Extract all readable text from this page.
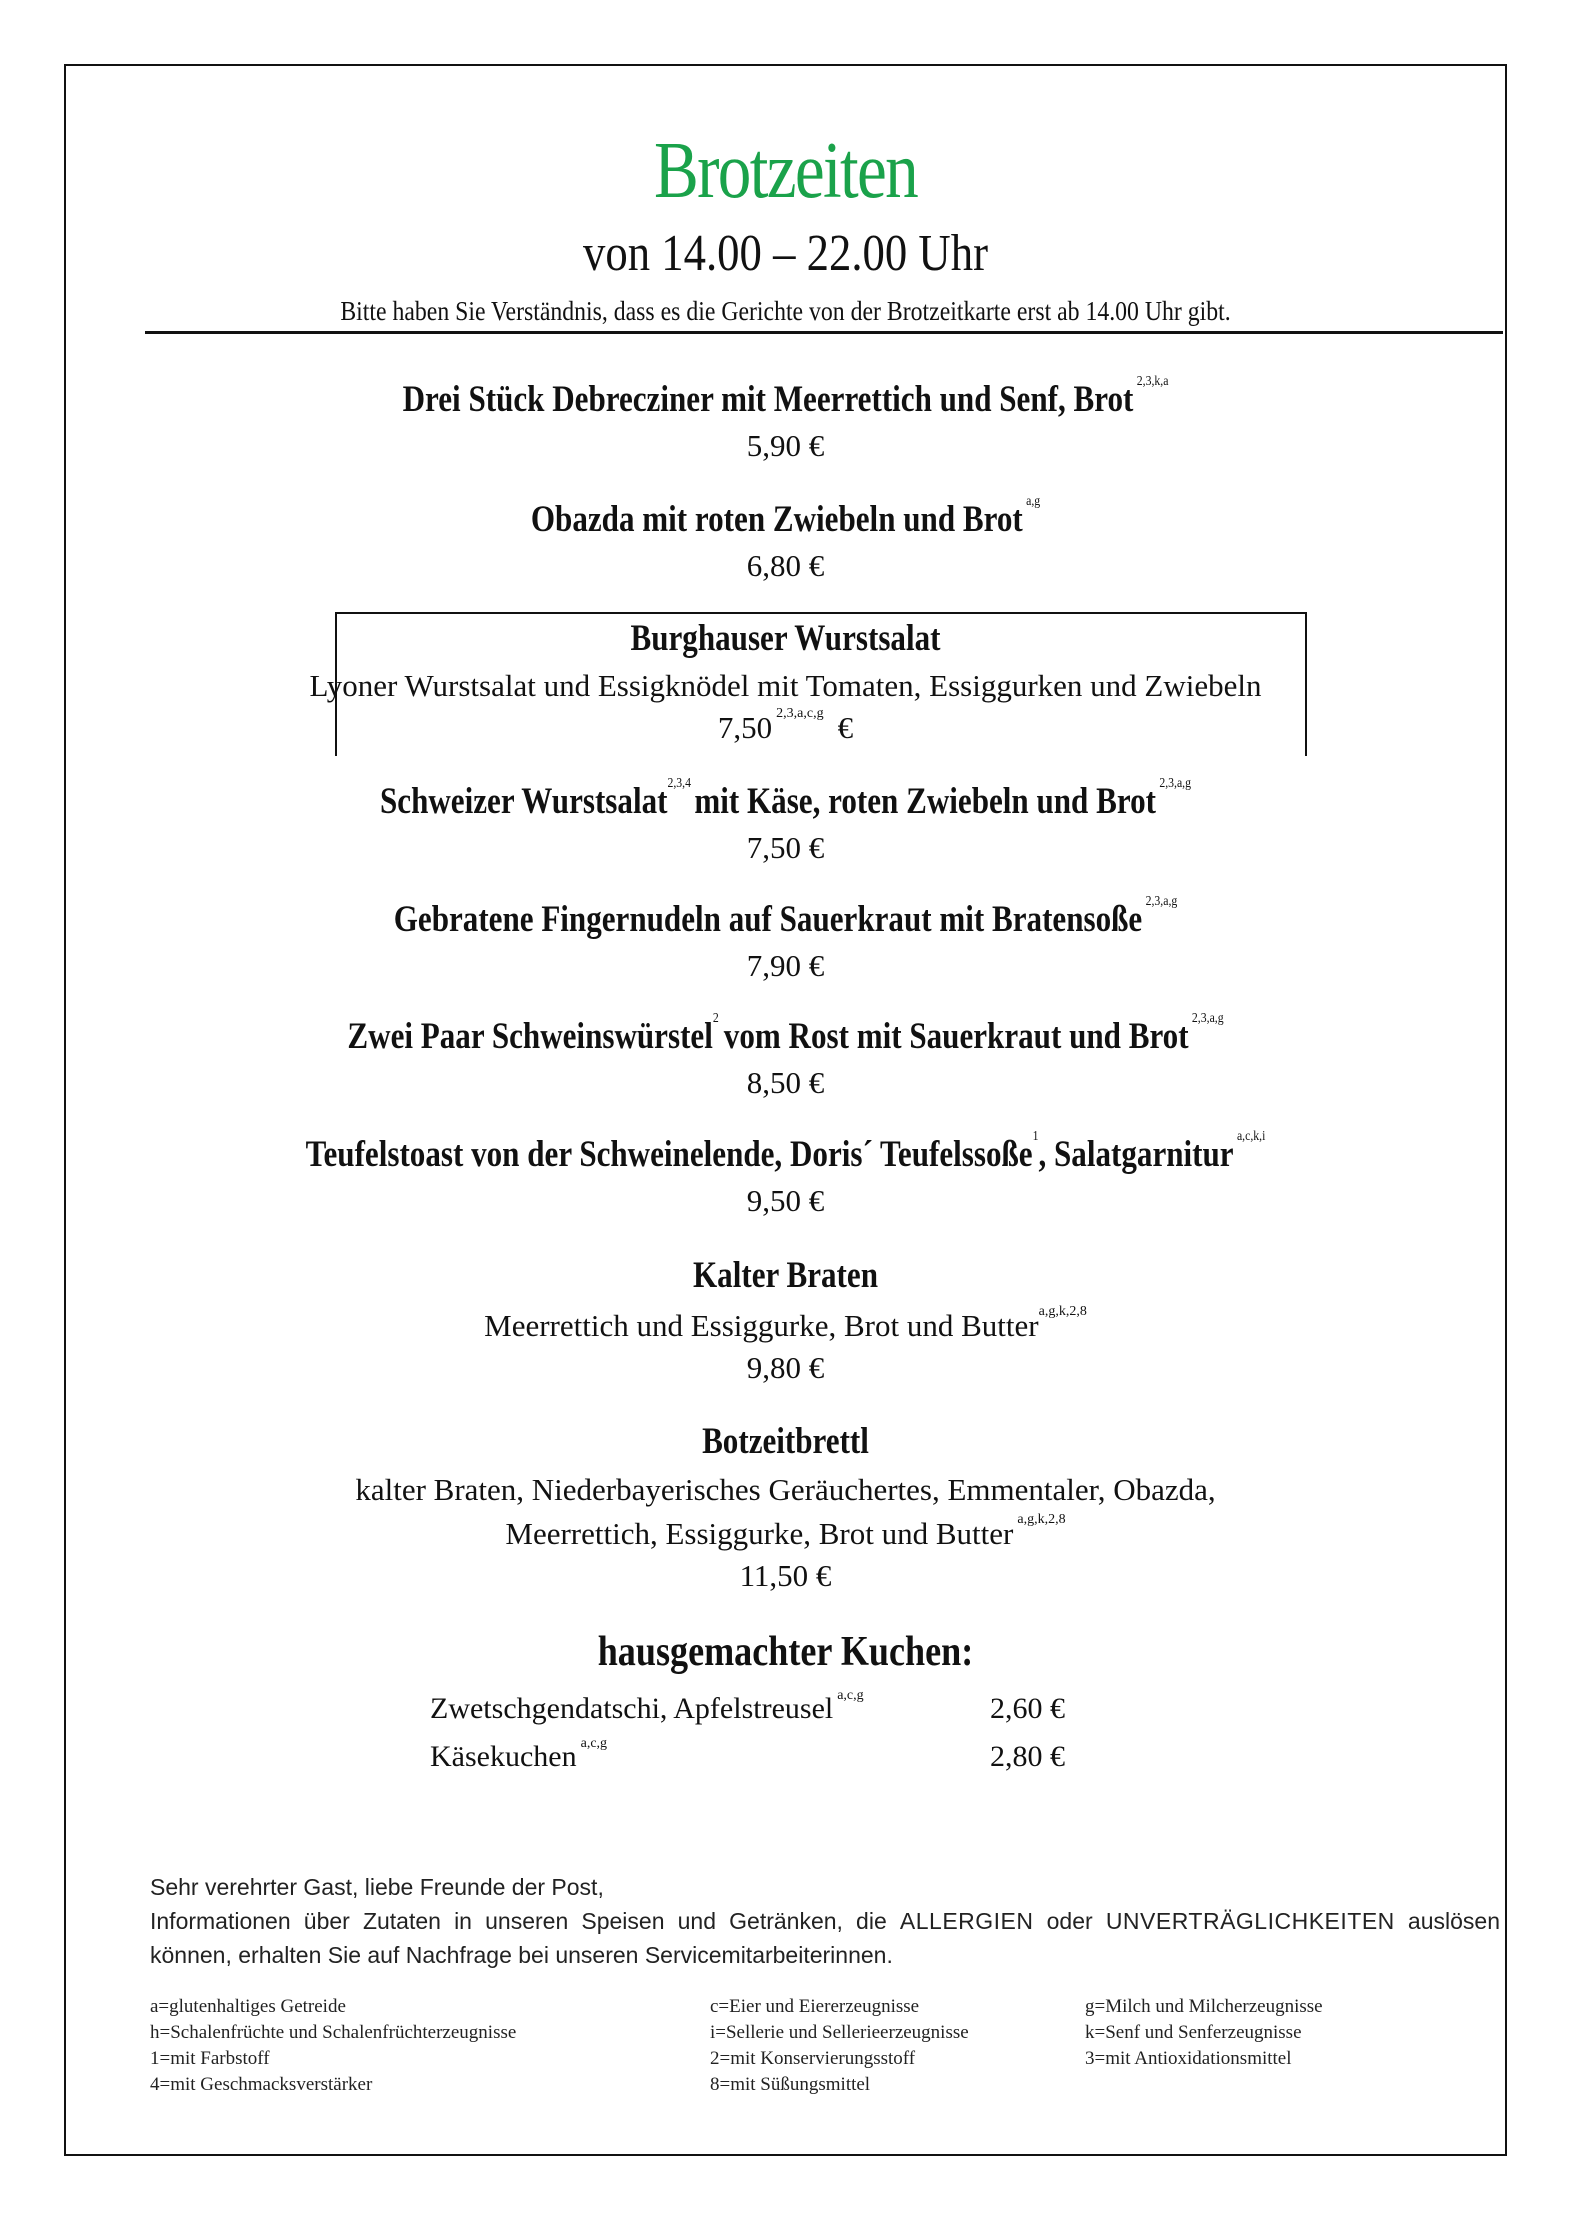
Brotzeiten
von 14.00 – 22.00 Uhr
Bitte haben Sie Verständnis, dass es die Gerichte von der Brotzeitkarte erst ab 14.00 Uhr gibt.
Drei Stück Debrecziner mit Meerrettich und Senf, Brot $^{2,3,k,a}$
5,90 €
Obazda mit roten Zwiebeln und Brot $^{a,g}$
6,80 €
Burghauser Wurstsalat
Lyoner Wurstsalat und Essigknödel mit Tomaten, Essiggurken und Zwiebeln
7,50 $^{2,3,a,c,g}$ €
Schweizer Wurstsalat$^{2,3,4}$mit Käse, roten Zwiebeln und Brot $^{2,3,a,g}$
7,50 €
Gebratene Fingernudeln auf Sauerkraut mit Bratensoße $^{2,3,a,g}$
7,90 €
Zwei Paar Schweinswürstel$^2$ vom Rost mit Sauerkraut und Brot $^{2,3,a,g}$
8,50 €
Teufelstoast von der Schweinelende, Doris´ Teufelssoße$^1$, Salatgarnitur $^{a,c,k,i}$
9,50 €
Kalter Braten
Meerrettich und Essiggurke, Brot und Butter$^{a,g,k,2,8}$
9,80 €
Botzeitbrettl
kalter Braten, Niederbayerisches Geräuchertes, Emmentaler, Obazda,
Meerrettich, Essiggurke, Brot und Butter $^{a,g,k,2,8}$
11,50 €
hausgemachter Kuchen:
Zwetschgendatschi, Apfelstreusel $^{a,c,g}$	2,60 €
Käsekuchen $^{a,c,g}$	2,80 €
Sehr verehrter Gast, liebe Freunde der Post,
Informationen über Zutaten in unseren Speisen und Getränken, die ALLERGIEN oder UNVERTRÄGLICHKEITEN auslösen
können, erhalten Sie auf Nachfrage bei unseren Servicemitarbeiterinnen.
a=glutenhaltiges Getreide	c=Eier und Eiererzeugnisse	g=Milch und Milcherzeugnisse
h=Schalenfrüchte und Schalenfrüchterzeugnisse	i=Sellerie und Sellerieerzeugnisse	k=Senf und Senferzeugnisse
1=mit Farbstoff	2=mit Konservierungsstoff	3=mit Antioxidationsmittel
4=mit Geschmacksverstärker	8=mit Süßungsmittel
